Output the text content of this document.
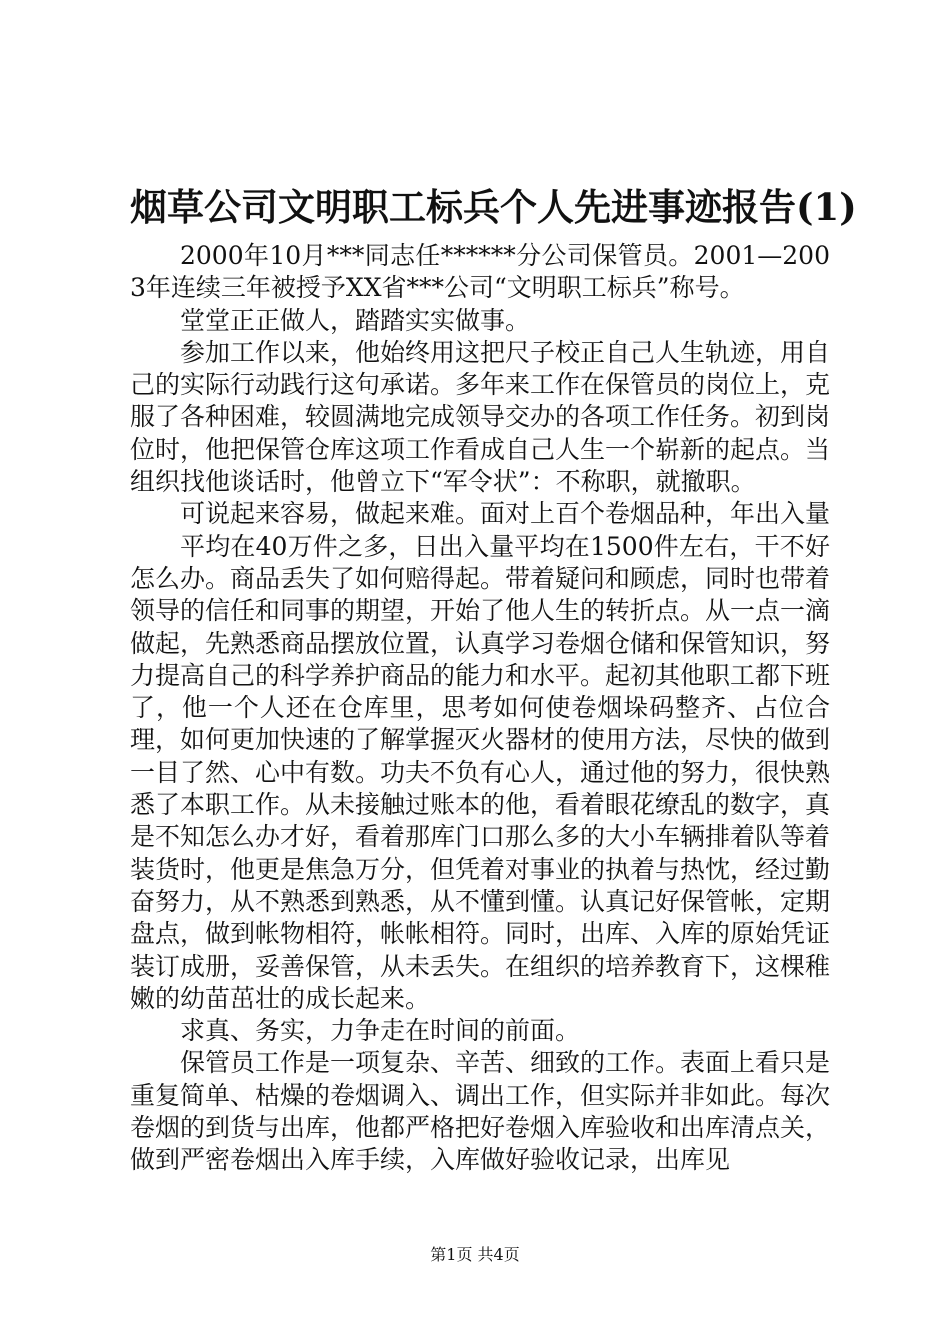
烟草公司文明职工标兵个人先进事迹报告(1)

2000年10月***同志任******分公司保管员。2001—2003年连续三年被授予XX省***公司“文明职工标兵”称号。

堂堂正正做人，踏踏实实做事。

参加工作以来，他始终用这把尺子校正自己人生轨迹，用自己的实际行动践行这句承诺。多年来工作在保管员的岗位上，克服了各种困难，较圆满地完成领导交办的各项工作任务。初到岗位时，他把保管仓库这项工作看成自己人生一个崭新的起点。当组织找他谈话时，他曾立下“军令状”：不称职，就撤职。

可说起来容易，做起来难。面对上百个卷烟品种，年出入量

平均在40万件之多，日出入量平均在1500件左右，干不好怎么办。商品丢失了如何赔得起。带着疑问和顾虑，同时也带着领导的信任和同事的期望，开始了他人生的转折点。从一点一滴做起，先熟悉商品摆放位置，认真学习卷烟仓储和保管知识，努力提高自己的科学养护商品的能力和水平。起初其他职工都下班了，他一个人还在仓库里，思考如何使卷烟垛码整齐、占位合理，如何更加快速的了解掌握灭火器材的使用方法，尽快的做到一目了然、心中有数。功夫不负有心人，通过他的努力，很快熟悉了本职工作。从未接触过账本的他，看着眼花缭乱的数字，真是不知怎么办才好，看着那库门口那么多的大小车辆排着队等着装货时，他更是焦急万分，但凭着对事业的执着与热忱，经过勤奋努力，从不熟悉到熟悉，从不懂到懂。认真记好保管帐，定期盘点，做到帐物相符，帐帐相符。同时，出库、入库的原始凭证装订成册，妥善保管，从未丢失。在组织的培养教育下，这棵稚嫩的幼苗茁壮的成长起来。

求真、务实，力争走在时间的前面。

保管员工作是一项复杂、辛苦、细致的工作。表面上看只是重复简单、枯燥的卷烟调入、调出工作，但实际并非如此。每次卷烟的到货与出库，他都严格把好卷烟入库验收和出库清点关，做到严密卷烟出入库手续，入库做好验收记录，出库见

第1页 共4页
